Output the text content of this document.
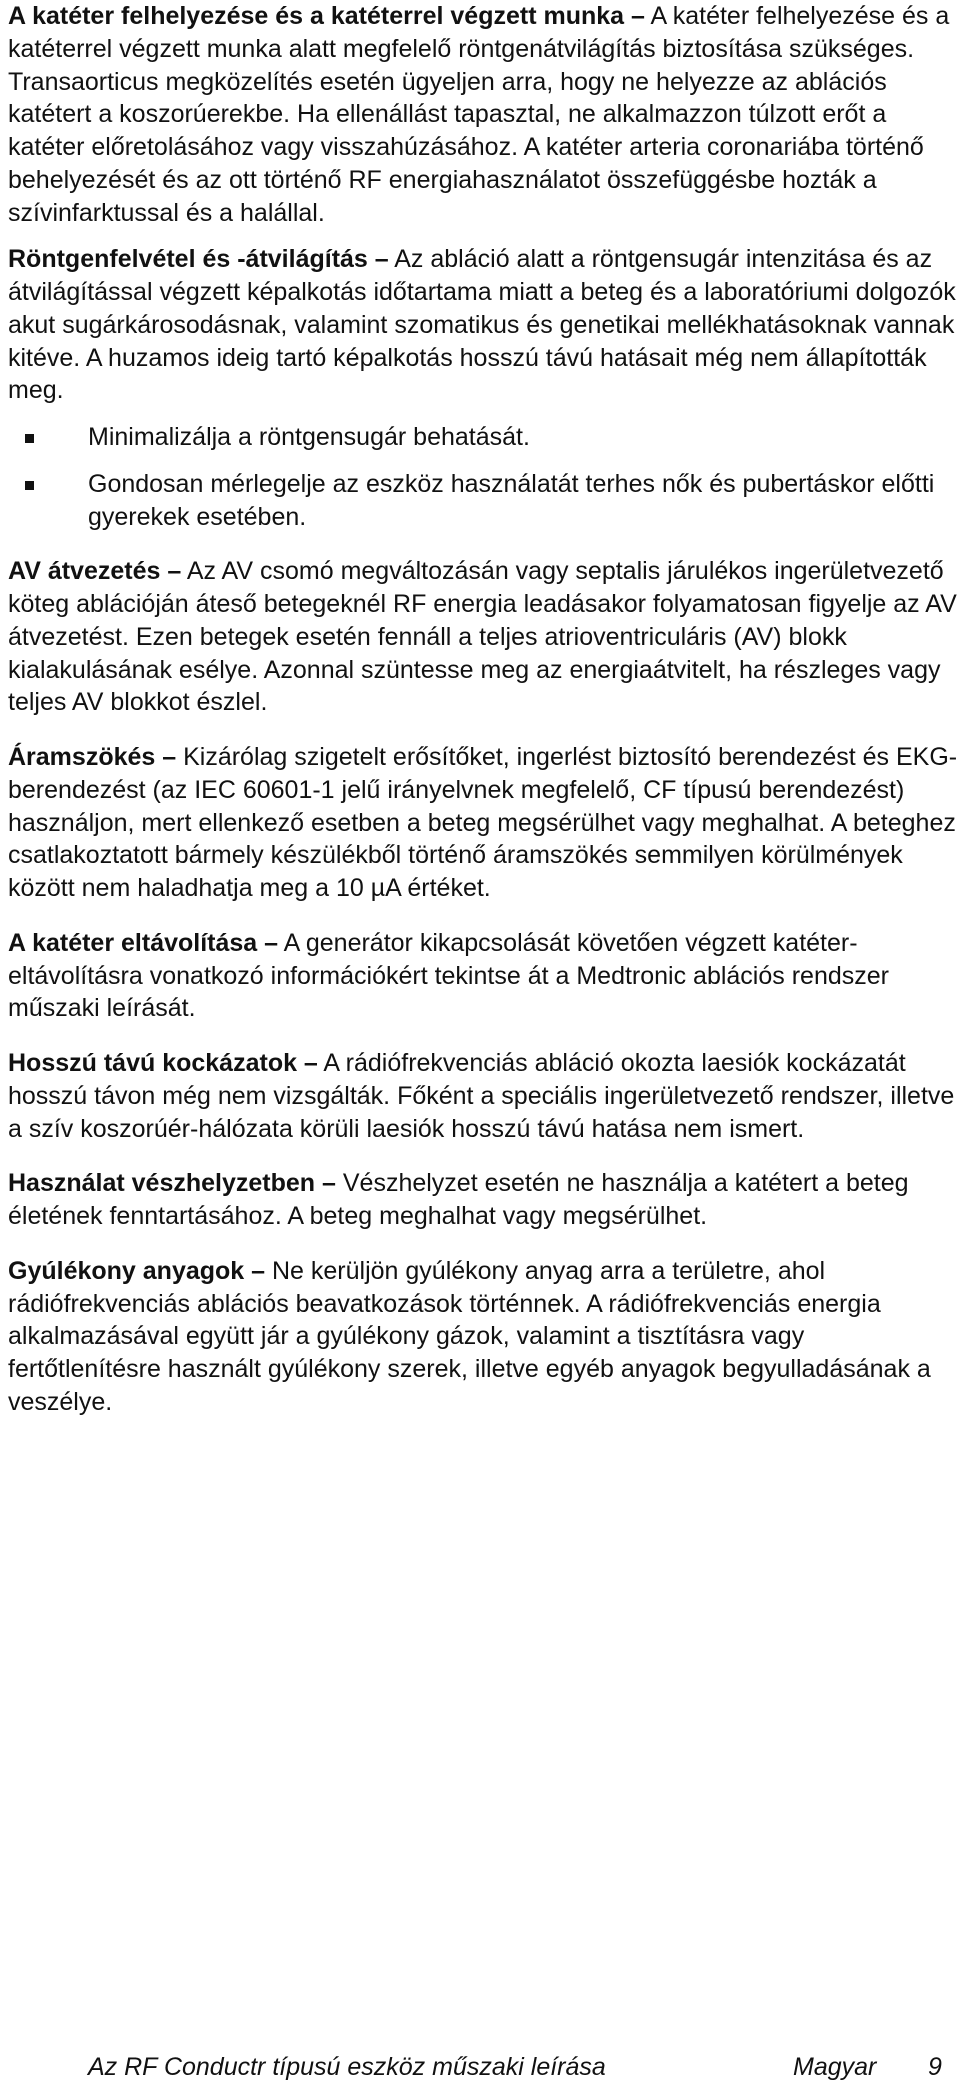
A katéter felhelyezése és a katéterrel végzett munka – A katéter felhelyezése és a katéterrel végzett munka alatt megfelelő röntgenátvilágítás biztosítása szükséges. Transaorticus megközelítés esetén ügyeljen arra, hogy ne helyezze az ablációs katétert a koszorúerekbe. Ha ellenállást tapasztal, ne alkalmazzon túlzott erőt a katéter előretolásához vagy visszahúzásához. A katéter arteria coronariába történő behelyezését és az ott történő RF energiahasználatot összefüggésbe hozták a szívinfarktussal és a halállal.

Röntgenfelvétel és -átvilágítás – Az abláció alatt a röntgensugár intenzitása és az átvilágítással végzett képalkotás időtartama miatt a beteg és a laboratóriumi dolgozók akut sugárkárosodásnak, valamint szomatikus és genetikai mellékhatásoknak vannak kitéve. A huzamos ideig tartó képalkotás hosszú távú hatásait még nem állapították meg.

Minimalizálja a röntgensugár behatását.
Gondosan mérlegelje az eszköz használatát terhes nők és pubertáskor előtti gyerekek esetében.

AV átvezetés – Az AV csomó megváltozásán vagy septalis járulékos ingerületvezető köteg ablációján áteső betegeknél RF energia leadásakor folyamatosan figyelje az AV átvezetést. Ezen betegek esetén fennáll a teljes atrioventriculáris (AV) blokk kialakulásának esélye. Azonnal szüntesse meg az energiaátvitelt, ha részleges vagy teljes AV blokkot észlel.

Áramszökés – Kizárólag szigetelt erősítőket, ingerlést biztosító berendezést és EKG-berendezést (az IEC 60601-1 jelű irányelvnek megfelelő, CF típusú berendezést) használjon, mert ellenkező esetben a beteg megsérülhet vagy meghalhat. A beteghez csatlakoztatott bármely készülékből történő áramszökés semmilyen körülmények között nem haladhatja meg a 10 µA értéket.

A katéter eltávolítása – A generátor kikapcsolását követően végzett katéter-eltávolításra vonatkozó információkért tekintse át a Medtronic ablációs rendszer műszaki leírását.

Hosszú távú kockázatok – A rádiófrekvenciás abláció okozta laesiók kockázatát hosszú távon még nem vizsgálták. Főként a speciális ingerületvezető rendszer, illetve a szív koszorúér-hálózata körüli laesiók hosszú távú hatása nem ismert.

Használat vészhelyzetben – Vészhelyzet esetén ne használja a katétert a beteg életének fenntartásához. A beteg meghalhat vagy megsérülhet.

Gyúlékony anyagok – Ne kerüljön gyúlékony anyag arra a területre, ahol rádiófrekvenciás ablációs beavatkozások történnek. A rádiófrekvenciás energia alkalmazásával együtt jár a gyúlékony gázok, valamint a tisztításra vagy fertőtlenítésre használt gyúlékony szerek, illetve egyéb anyagok begyulladásának a veszélye.

Az RF Conductr típusú eszköz műszaki leírása	Magyar 9
